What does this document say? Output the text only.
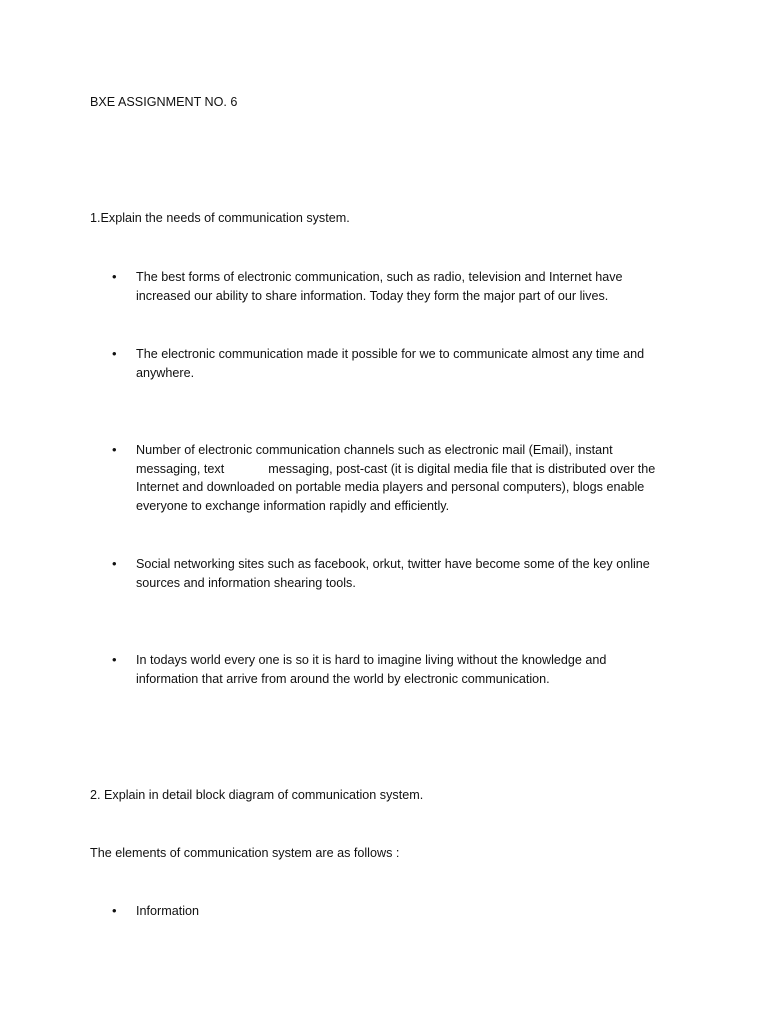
BXE ASSIGNMENT NO. 6

1.Explain the needs of communication system.

•	The best forms of electronic communication, such as radio, television and Internet have increased our ability to share information. Today they form the major part of our lives.

•	The electronic communication made it possible for we to communicate almost any time and anywhere.

•	Number of electronic communication channels such as electronic mail (Email), instant messaging, text	messaging, post-cast (it is digital media file that is distributed over the Internet and downloaded on portable media players and personal computers), blogs enable everyone to exchange information rapidly and efficiently.

•	Social networking sites such as facebook, orkut, twitter have become some of the key online sources and information shearing tools.

•	In todays world every one is so it is hard to imagine living without the knowledge and information that arrive from around the world by electronic communication.

2. Explain in detail block diagram of communication system.

The elements of communication system are as follows :

•	Information
